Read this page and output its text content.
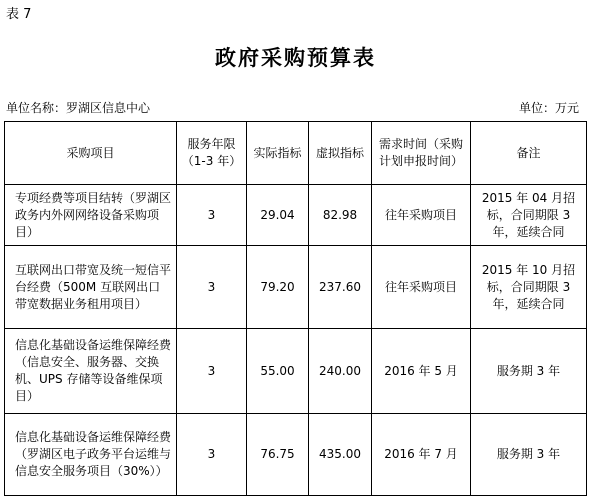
表 7
政府采购预算表
单位名称：罗湖区信息中心	单位：万元
采购项目	服务年限（1-3 年）	实际指标	虚拟指标	需求时间（采购计划申报时间）	备注
专项经费等项目结转（罗湖区政务内外网网络设备采购项目）	3	29.04	82.98	往年采购项目	2015 年 04 月招标，合同期限 3 年，延续合同
互联网出口带宽及统一短信平台经费（500M 互联网出口带宽数据业务租用项目）	3	79.20	237.60	往年采购项目	2015 年 10 月招标，合同期限 3 年，延续合同
信息化基础设备运维保障经费（信息安全、服务器、交换机、UPS 存储等设备维保项目）	3	55.00	240.00	2016 年 5 月	服务期 3 年
信息化基础设备运维保障经费（罗湖区电子政务平台运维与信息安全服务项目（30%））	3	76.75	435.00	2016 年 7 月	服务期 3 年
